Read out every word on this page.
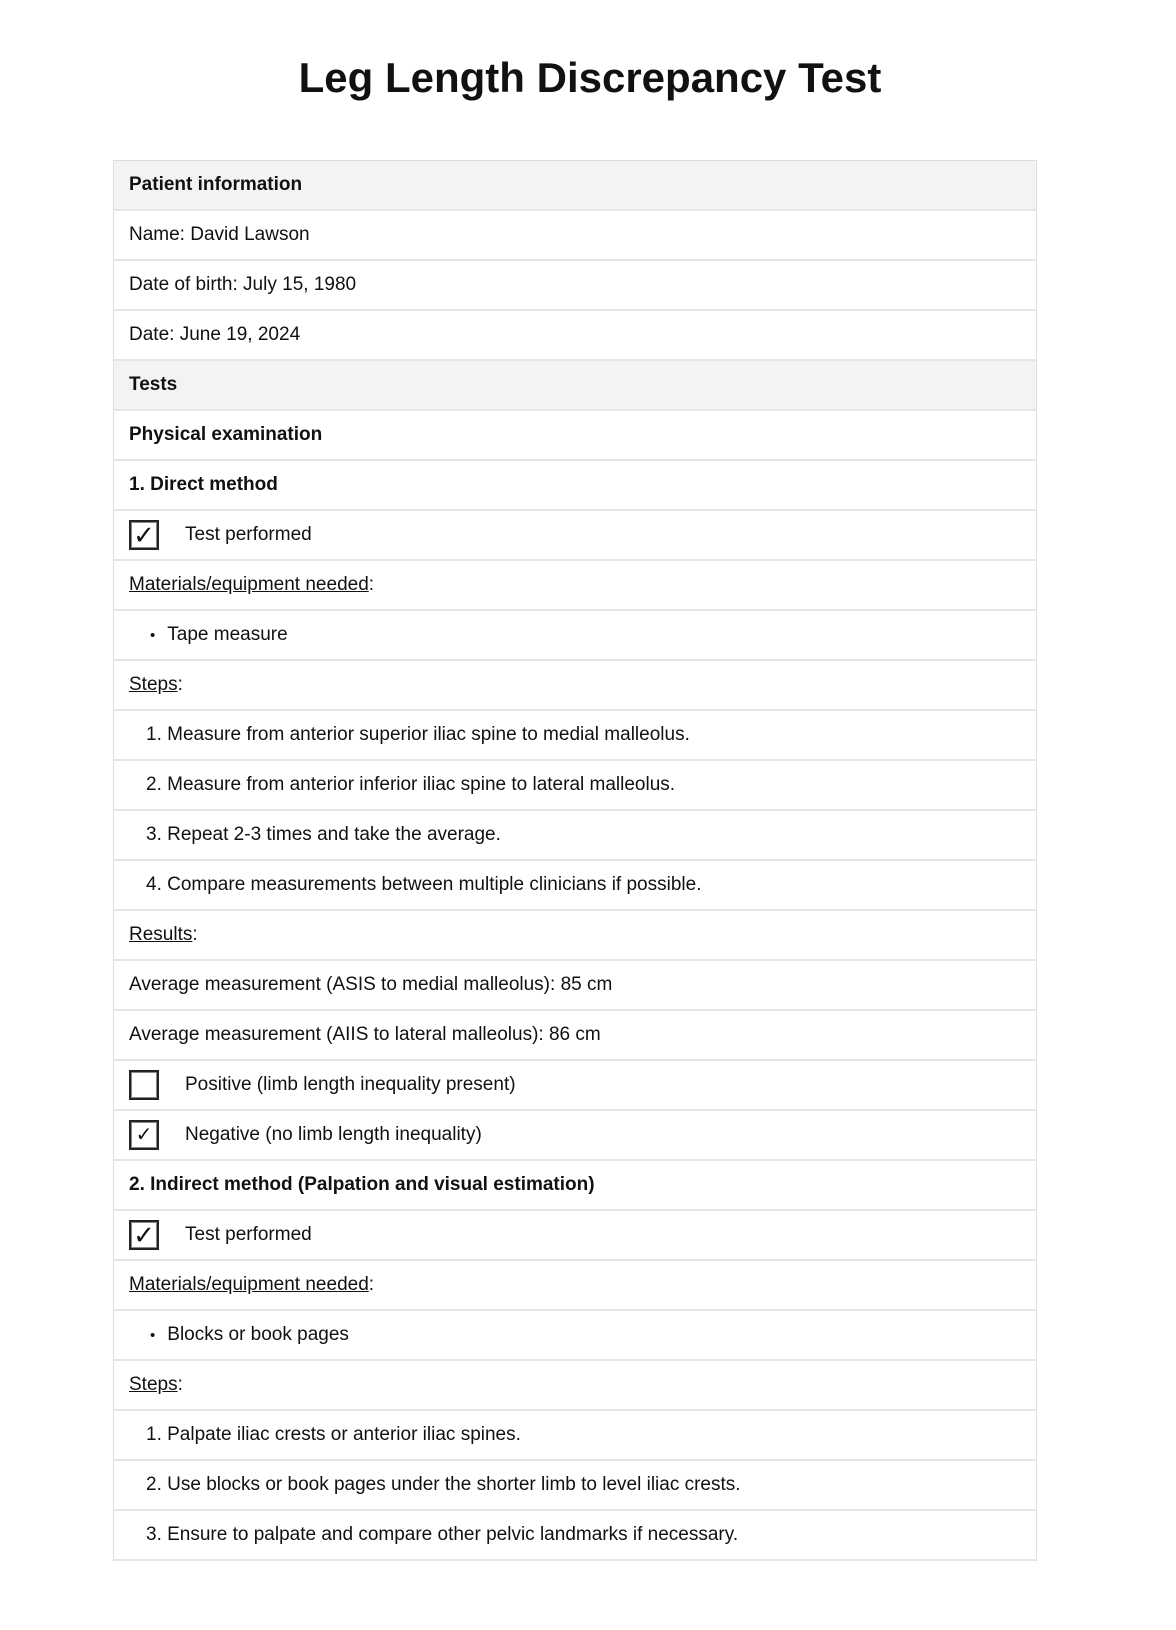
Leg Length Discrepancy Test
Patient information
Name: David Lawson
Date of birth: July 15, 1980
Date: June 19, 2024
Tests
Physical examination
1. Direct method
✓ Test performed
Materials/equipment needed :
• Tape measure
Steps :
1. Measure from anterior superior iliac spine to medial malleolus.
2. Measure from anterior inferior iliac spine to lateral malleolus.
3. Repeat 2-3 times and take the average.
4. Compare measurements between multiple clinicians if possible.
Results :
Average measurement (ASIS to medial malleolus): 85 cm
Average measurement (AIIS to lateral malleolus): 86 cm
Positive (limb length inequality present)
✓	Negative (no limb length inequality)
2. Indirect method (Palpation and visual estimation)
✓ Test performed
Materials/equipment needed :
• Blocks or book pages
Steps :
1. Palpate iliac crests or anterior iliac spines.
2. Use blocks or book pages under the shorter limb to level iliac crests.
3. Ensure to palpate and compare other pelvic landmarks if necessary.
